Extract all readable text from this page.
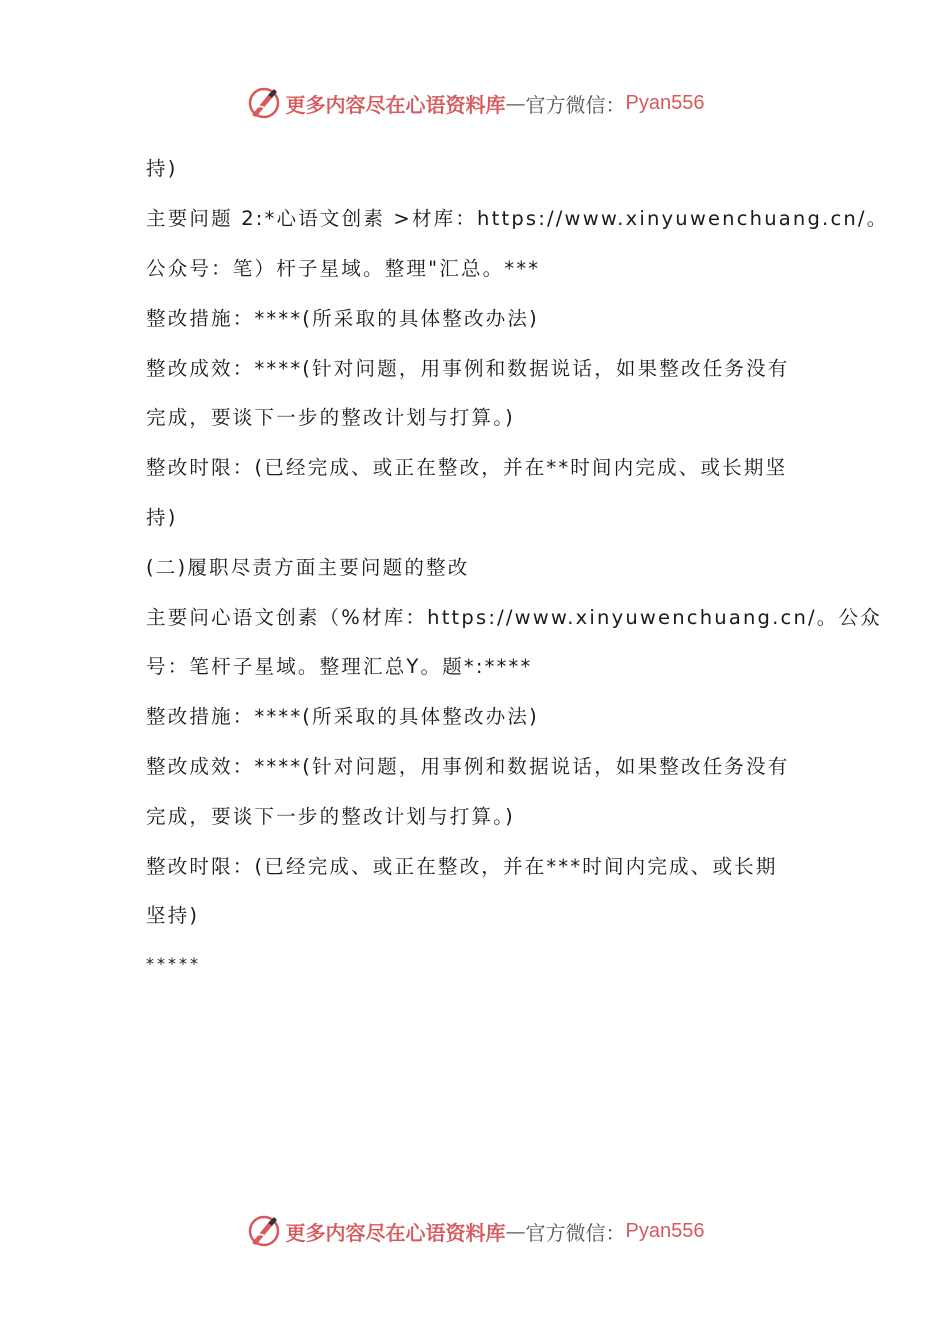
更多内容尽在心语资料库 — 官方微信： Pyan556
持)
主要问题 2:*心语文创素 >材库：https://www.xinyuwenchuang.cn/。
公众号：笔）杆子星域。整理"汇总。***
整改措施：****(所采取的具体整改办法)
整改成效：****(针对问题，用事例和数据说话，如果整改任务没有
完成，要谈下一步的整改计划与打算。)
整改时限：(已经完成、或正在整改，并在**时间内完成、或长期坚
持)
(二)履职尽责方面主要问题的整改
主要问心语文创素（%材库：https://www.xinyuwenchuang.cn/。公众
号：笔杆子星域。整理汇总Y。题*:****
整改措施：****(所采取的具体整改办法)
整改成效：****(针对问题，用事例和数据说话，如果整改任务没有
完成，要谈下一步的整改计划与打算。)
整改时限：(已经完成、或正在整改，并在***时间内完成、或长期
坚持)
*****
更多内容尽在心语资料库 — 官方微信： Pyan556
